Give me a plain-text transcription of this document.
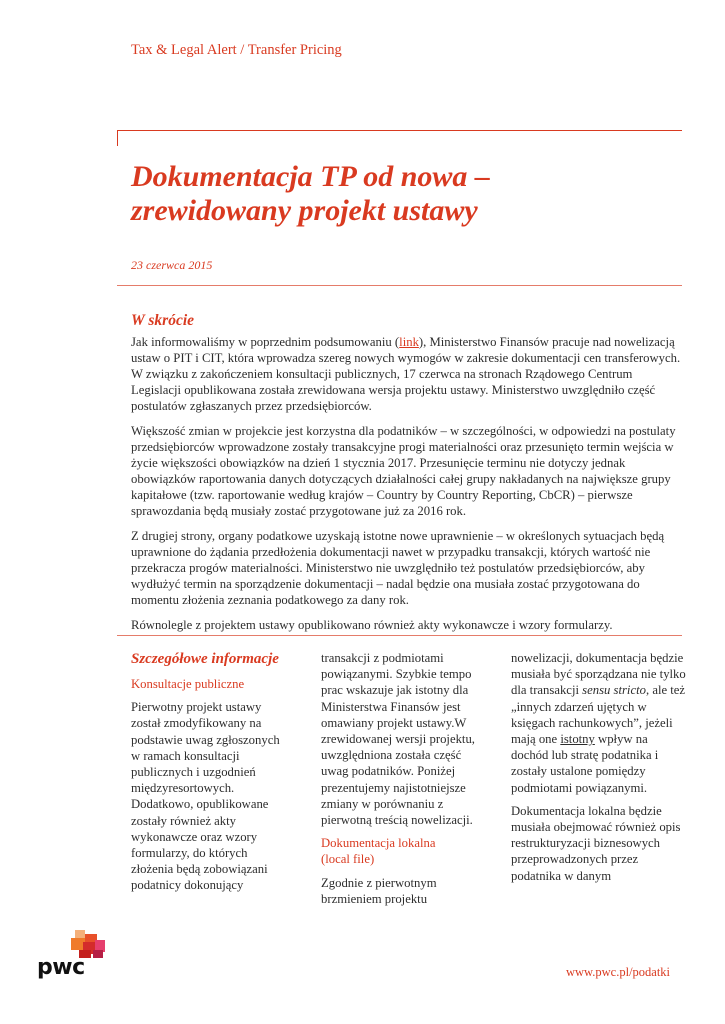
Tax & Legal Alert / Transfer Pricing
Dokumentacja TP od nowa –
zrewidowany projekt ustawy
23 czerwca 2015
W skrócie

Jak informowaliśmy w poprzednim podsumowaniu (link), Ministerstwo Finansów pracuje nad nowelizacją ustaw o PIT i CIT, która wprowadza szereg nowych wymogów w zakresie dokumentacji cen transferowych. W związku z zakończeniem konsultacji publicznych, 17 czerwca na stronach Rządowego Centrum Legislacji opublikowana została zrewidowana wersja projektu ustawy. Ministerstwo uwzględniło część postulatów zgłaszanych przez przedsiębiorców.

Większość zmian w projekcie jest korzystna dla podatników – w szczególności, w odpowiedzi na postulaty przedsiębiorców wprowadzone zostały transakcyjne progi materialności oraz przesunięto termin wejścia w życie większości obowiązków na dzień 1 stycznia 2017. Przesunięcie terminu nie dotyczy jednak obowiązków raportowania danych dotyczących działalności całej grupy nakładanych na największe grupy kapitałowe (tzw. raportowanie według krajów – Country by Country Reporting, CbCR) – pierwsze sprawozdania będą musiały zostać przygotowane już za 2016 rok.

Z drugiej strony, organy podatkowe uzyskają istotne nowe uprawnienie – w określonych sytuacjach będą uprawnione do żądania przedłożenia dokumentacji nawet w przypadku transakcji, których wartość nie przekracza progów materialności. Ministerstwo nie uwzględniło też postulatów przedsiębiorców, aby wydłużyć termin na sporządzenie dokumentacji – nadal będzie ona musiała zostać przygotowana do momentu złożenia zeznania podatkowego za dany rok.

Równolegle z projektem ustawy opublikowano również akty wykonawcze i wzory formularzy.

Szczegółowe informacje

Konsultacje publiczne

Pierwotny projekt ustawy został zmodyfikowany na podstawie uwag zgłoszonych w ramach konsultacji publicznych i uzgodnień międzyresortowych. Dodatkowo, opublikowane zostały również akty wykonawcze oraz wzory formularzy, do których złożenia będą zobowiązani podatnicy dokonujący

transakcji z podmiotami powiązanymi. Szybkie tempo prac wskazuje jak istotny dla Ministerstwa Finansów jest omawiany projekt ustawy.W zrewidowanej wersji projektu, uwzględniona została część uwag podatników. Poniżej prezentujemy najistotniejsze zmiany w porównaniu z pierwotną treścią nowelizacji.

Dokumentacja lokalna
(local file)

Zgodnie z pierwotnym brzmieniem projektu

nowelizacji, dokumentacja będzie musiała być sporządzana nie tylko dla transakcji sensu stricto, ale też „innych zdarzeń ujętych w księgach rachunkowych”, jeżeli mają one istotny wpływ na dochód lub stratę podatnika i zostały ustalone pomiędzy podmiotami powiązanymi.

Dokumentacja lokalna będzie musiała obejmować również opis restrukturyzacji biznesowych przeprowadzonych przez podatnika w danym

pwc	www.pwc.pl/podatki
